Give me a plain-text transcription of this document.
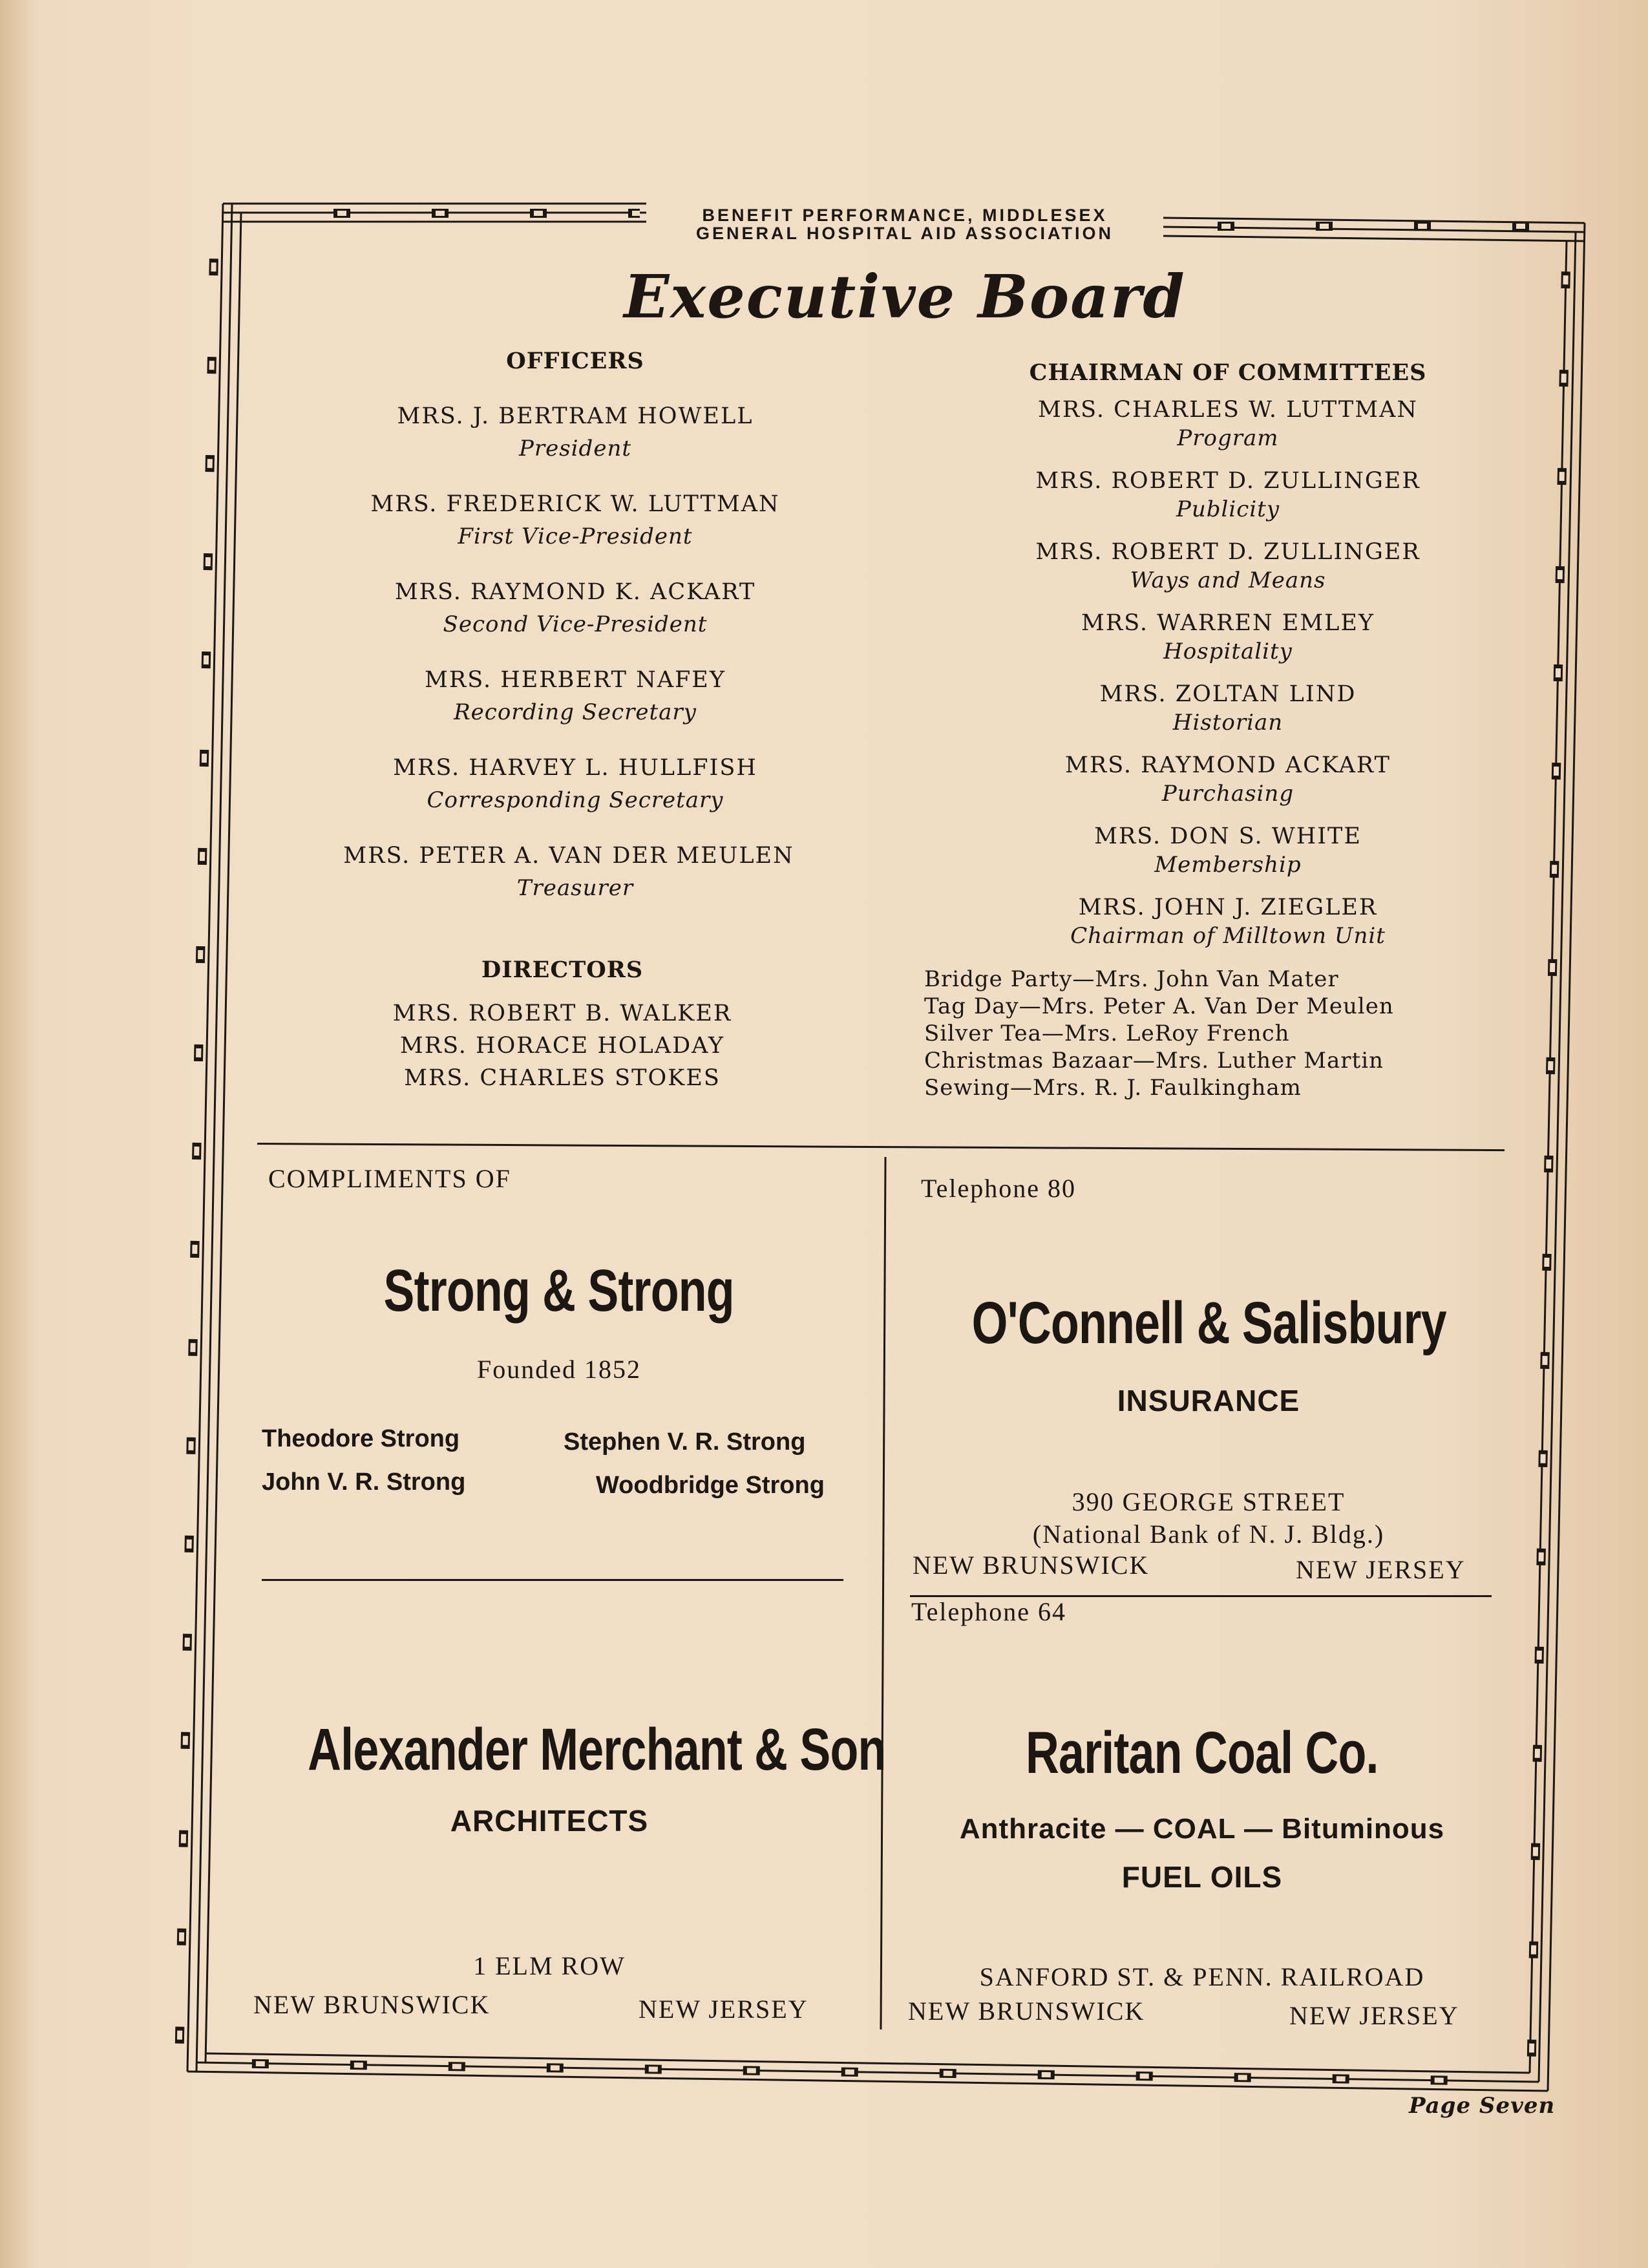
BENEFIT PERFORMANCE, MIDDLESEX
GENERAL HOSPITAL AID ASSOCIATION
Executive Board
OFFICERS
MRS. J. BERTRAM HOWELL
President
MRS. FREDERICK W. LUTTMAN
First Vice-President
MRS. RAYMOND K. ACKART
Second Vice-President
MRS. HERBERT NAFEY
Recording Secretary
MRS. HARVEY L. HULLFISH
Corresponding Secretary
MRS. PETER A. VAN DER MEULEN
Treasurer
DIRECTORS
MRS. ROBERT B. WALKER
MRS. HORACE HOLADAY
MRS. CHARLES STOKES
CHAIRMAN OF COMMITTEES
MRS. CHARLES W. LUTTMAN
Program
MRS. ROBERT D. ZULLINGER
Publicity
MRS. ROBERT D. ZULLINGER
Ways and Means
MRS. WARREN EMLEY
Hospitality
MRS. ZOLTAN LIND
Historian
MRS. RAYMOND ACKART
Purchasing
MRS. DON S. WHITE
Membership
MRS. JOHN J. ZIEGLER
Chairman of Milltown Unit
Bridge Party—Mrs. John Van Mater
Tag Day—Mrs. Peter A. Van Der Meulen
Silver Tea—Mrs. LeRoy French
Christmas Bazaar—Mrs. Luther Martin
Sewing—Mrs. R. J. Faulkingham
COMPLIMENTS OF
Strong & Strong
Founded 1852
Theodore Strong	Stephen V. R. Strong
John V. R. Strong	Woodbridge Strong
Telephone 80
O'Connell & Salisbury
INSURANCE
390 GEORGE STREET
(National Bank of N. J. Bldg.)
NEW BRUNSWICK	NEW JERSEY
Alexander Merchant & Son
ARCHITECTS
1 ELM ROW
NEW BRUNSWICK	NEW JERSEY
Telephone 64
Raritan Coal Co.
Anthracite — COAL — Bituminous
FUEL OILS
SANFORD ST. & PENN. RAILROAD
NEW BRUNSWICK	NEW JERSEY
Page Seven
